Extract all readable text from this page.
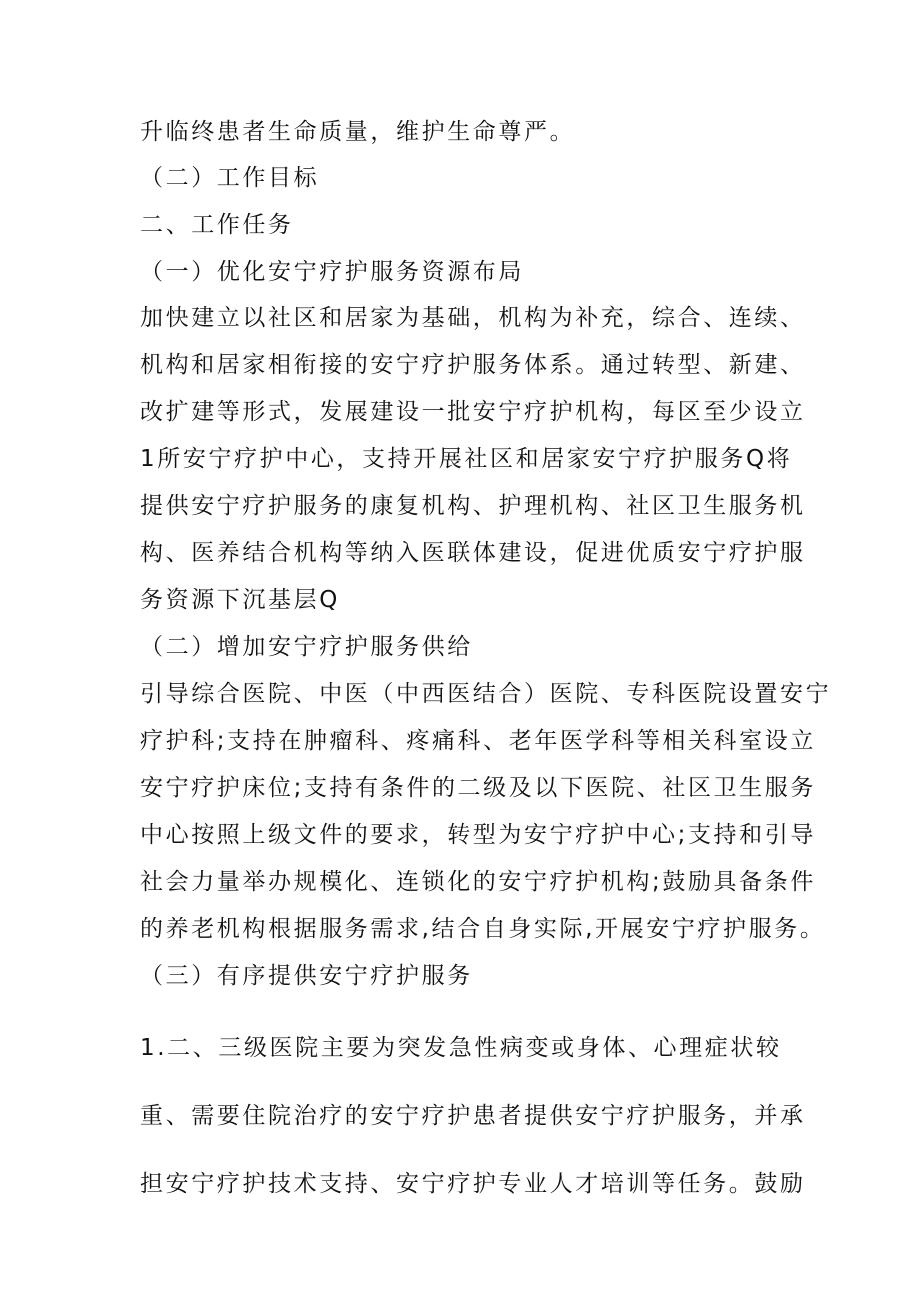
升临终患者生命质量，维护生命尊严。
（二）工作目标
二、工作任务
（一）优化安宁疗护服务资源布局
加快建立以社区和居家为基础，机构为补充，综合、连续、
机构和居家相衔接的安宁疗护服务体系。通过转型、新建、
改扩建等形式，发展建设一批安宁疗护机构，每区至少设立
1所安宁疗护中心，支持开展社区和居家安宁疗护服务Q将
提供安宁疗护服务的康复机构、护理机构、社区卫生服务机
构、医养结合机构等纳入医联体建设，促进优质安宁疗护服
务资源下沉基层Q
（二）增加安宁疗护服务供给
引导综合医院、中医（中西医结合）医院、专科医院设置安宁
疗护科;支持在肿瘤科、疼痛科、老年医学科等相关科室设立
安宁疗护床位;支持有条件的二级及以下医院、社区卫生服务
中心按照上级文件的要求，转型为安宁疗护中心;支持和引导
社会力量举办规模化、连锁化的安宁疗护机构;鼓励具备条件
的养老机构根据服务需求,结合自身实际,开展安宁疗护服务。
（三）有序提供安宁疗护服务
1.二、三级医院主要为突发急性病变或身体、心理症状较
重、需要住院治疗的安宁疗护患者提供安宁疗护服务，并承
担安宁疗护技术支持、安宁疗护专业人才培训等任务。鼓励
